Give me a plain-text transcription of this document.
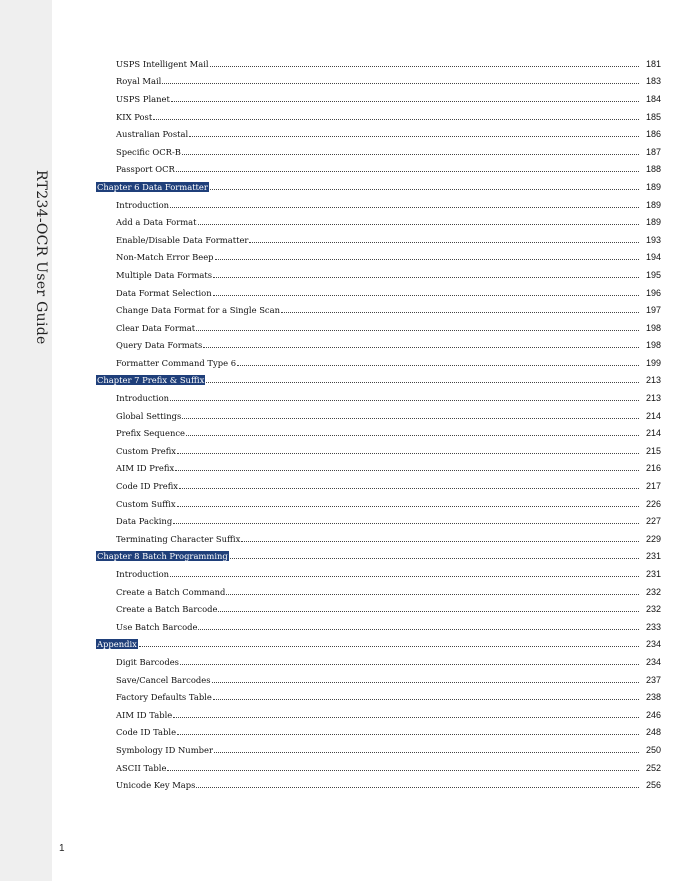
RT234-OCR User Guide
USPS Intelligent Mail	181
Royal Mail	183
USPS Planet	184
KIX Post	185
Australian Postal	186
Specific OCR-B	187
Passport OCR	188
Chapter 6 Data Formatter	189
Introduction	189
Add a Data Format	189
Enable/Disable Data Formatter	193
Non-Match Error Beep	194
Multiple Data Formats	195
Data Format Selection	196
Change Data Format for a Single Scan	197
Clear Data Format	198
Query Data Formats	198
Formatter Command Type 6	199
Chapter 7 Prefix & Suffix	213
Introduction	213
Global Settings	214
Prefix Sequence	214
Custom Prefix	215
AIM ID Prefix	216
Code ID Prefix	217
Custom Suffix	226
Data Packing	227
Terminating Character Suffix	229
Chapter 8 Batch Programming	231
Introduction	231
Create a Batch Command	232
Create a Batch Barcode	232
Use Batch Barcode	233
Appendix	234
Digit Barcodes	234
Save/Cancel Barcodes	237
Factory Defaults Table	238
AIM ID Table	246
Code ID Table	248
Symbology ID Number	250
ASCII Table	252
Unicode Key Maps	256
1
